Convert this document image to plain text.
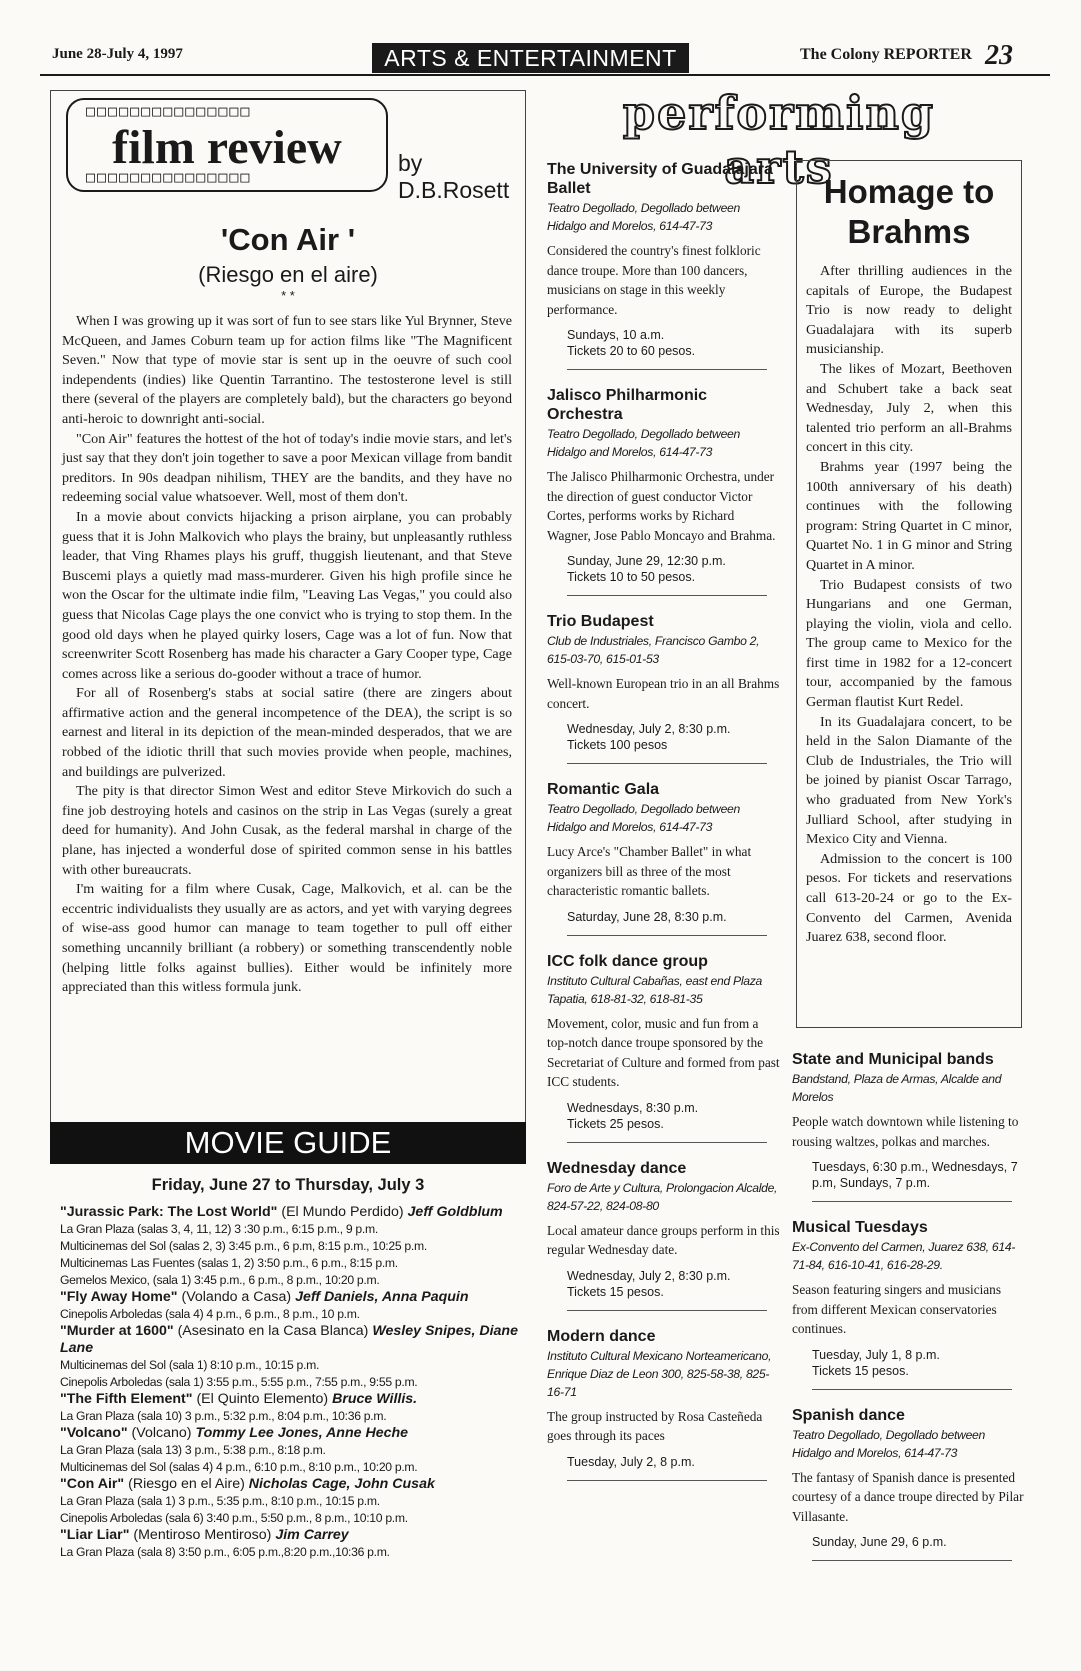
June 28-July 4, 1997	ARTS & ENTERTAINMENT	The Colony REPORTER 23
□□□□□□□□□□□□□□□
film review
□□□□□□□□□□□□□□□
by
D.B.Rosett
'Con Air '
(Riesgo en el aire)
* *

When I was growing up it was sort of fun to see stars like Yul Brynner, Steve McQueen, and James Coburn team up for action films like "The Magnificent Seven." Now that type of movie star is sent up in the oeuvre of such cool independents (indies) like Quentin Tarrantino. The testosterone level is still there (several of the players are completely bald), but the characters go beyond anti-heroic to downright anti-social.

"Con Air" features the hottest of the hot of today's indie movie stars, and let's just say that they don't join together to save a poor Mexican village from bandit preditors. In 90s deadpan nihilism, THEY are the bandits, and they have no redeeming social value whatsoever. Well, most of them don't.

In a movie about convicts hijacking a prison airplane, you can probably guess that it is John Malkovich who plays the brainy, but unpleasantly ruthless leader, that Ving Rhames plays his gruff, thuggish lieutenant, and that Steve Buscemi plays a quietly mad mass-murderer. Given his high profile since he won the Oscar for the ultimate indie film, "Leaving Las Vegas," you could also guess that Nicolas Cage plays the one convict who is trying to stop them. In the good old days when he played quirky losers, Cage was a lot of fun. Now that screenwriter Scott Rosenberg has made his character a Gary Cooper type, Cage comes across like a serious do-gooder without a trace of humor.

For all of Rosenberg's stabs at social satire (there are zingers about affirmative action and the general incompetence of the DEA), the script is so earnest and literal in its depiction of the mean-minded desperados, that we are robbed of the idiotic thrill that such movies provide when people, machines, and buildings are pulverized.

The pity is that director Simon West and editor Steve Mirkovich do such a fine job destroying hotels and casinos on the strip in Las Vegas (surely a great deed for humanity). And John Cusak, as the federal marshal in charge of the plane, has injected a wonderful dose of spirited common sense in his battles with other bureaucrats.

I'm waiting for a film where Cusak, Cage, Malkovich, et al. can be the eccentric individualists they usually are as actors, and yet with varying degrees of wise-ass good humor can manage to team together to pull off either something uncannily brilliant (a robbery) or something transcendently noble (helping little folks against bullies). Either would be infinitely more appreciated than this witless formula junk.

MOVIE GUIDE
Friday, June 27 to Thursday, July 3
"Jurassic Park: The Lost World" (El Mundo Perdido) Jeff Goldblum
La Gran Plaza (salas 3, 4, 11, 12) 3 :30 p.m., 6:15 p.m., 9 p.m.
Multicinemas del Sol (salas 2, 3) 3:45 p.m., 6 p.m, 8:15 p.m., 10:25 p.m.
Multicinemas Las Fuentes (salas 1, 2) 3:50 p.m., 6 p.m., 8:15 p.m.
Gemelos Mexico, (sala 1) 3:45 p.m., 6 p.m., 8 p.m., 10:20 p.m.
"Fly Away Home" (Volando a Casa) Jeff Daniels, Anna Paquin
Cinepolis Arboledas (sala 4) 4 p.m., 6 p.m., 8 p.m., 10 p.m.
"Murder at 1600" (Asesinato en la Casa Blanca) Wesley Snipes, Diane Lane
Multicinemas del Sol (sala 1) 8:10 p.m., 10:15 p.m.
Cinepolis Arboledas (sala 1) 3:55 p.m., 5:55 p.m., 7:55 p.m., 9:55 p.m.
"The Fifth Element" (El Quinto Elemento) Bruce Willis.
La Gran Plaza (sala 10) 3 p.m., 5:32 p.m., 8:04 p.m., 10:36 p.m.
"Volcano" (Volcano) Tommy Lee Jones, Anne Heche
La Gran Plaza (sala 13) 3 p.m., 5:38 p.m., 8:18 p.m.
Multicinemas del Sol (salas 4) 4 p.m., 6:10 p.m., 8:10 p.m., 10:20 p.m.
"Con Air" (Riesgo en el Aire) Nicholas Cage, John Cusak
La Gran Plaza (sala 1) 3 p.m., 5:35 p.m., 8:10 p.m., 10:15 p.m.
Cinepolis Arboledas (sala 6) 3:40 p.m., 5:50 p.m., 8 p.m., 10:10 p.m.
"Liar Liar" (Mentiroso Mentiroso) Jim Carrey
La Gran Plaza (sala 8) 3:50 p.m., 6:05 p.m.,8:20 p.m.,10:36 p.m.
performing arts
The University of Guadalajara Ballet
Teatro Degollado, Degollado between Hidalgo and Morelos, 614-47-73
Considered the country's finest folkloric dance troupe. More than 100 dancers, musicians on stage in this weekly performance.
Sundays, 10 a.m.
Tickets 20 to 60 pesos.
Jalisco Philharmonic Orchestra
Teatro Degollado, Degollado between Hidalgo and Morelos, 614-47-73
The Jalisco Philharmonic Orchestra, under the direction of guest conductor Victor Cortes, performs works by Richard Wagner, Jose Pablo Moncayo and Brahma.
Sunday, June 29, 12:30 p.m.
Tickets 10 to 50 pesos.
Trio Budapest
Club de Industriales, Francisco Gambo 2, 615-03-70, 615-01-53
Well-known European trio in an all Brahms concert.
Wednesday, July 2, 8:30 p.m.
Tickets 100 pesos
Romantic Gala
Teatro Degollado, Degollado between Hidalgo and Morelos, 614-47-73
Lucy Arce's "Chamber Ballet" in what organizers bill as three of the most characteristic romantic ballets.
Saturday, June 28, 8:30 p.m.
ICC folk dance group
Instituto Cultural Cabañas, east end Plaza Tapatia, 618-81-32, 618-81-35
Movement, color, music and fun from a top-notch dance troupe sponsored by the Secretariat of Culture and formed from past ICC students.
Wednesdays, 8:30 p.m.
Tickets 25 pesos.
Wednesday dance
Foro de Arte y Cultura, Prolongacion Alcalde, 824-57-22, 824-08-80
Local amateur dance groups perform in this regular Wednesday date.
Wednesday, July 2, 8:30 p.m.
Tickets 15 pesos.
Modern dance
Instituto Cultural Mexicano Norteamericano, Enrique Diaz de Leon 300, 825-58-38, 825-16-71
The group instructed by Rosa Casteñeda goes through its paces
Tuesday, July 2, 8 p.m.
State and Municipal bands
Bandstand, Plaza de Armas, Alcalde and Morelos
People watch downtown while listening to rousing waltzes, polkas and marches.
Tuesdays, 6:30 p.m., Wednesdays, 7 p.m, Sundays, 7 p.m.
Musical Tuesdays
Ex-Convento del Carmen, Juarez 638, 614-71-84, 616-10-41, 616-28-29.
Season featuring singers and musicians from different Mexican conservatories continues.
Tuesday, July 1, 8 p.m.
Tickets 15 pesos.
Spanish dance
Teatro Degollado, Degollado between Hidalgo and Morelos, 614-47-73
The fantasy of Spanish dance is presented courtesy of a dance troupe directed by Pilar Villasante.
Sunday, June 29, 6 p.m.
Homage to Brahms

After thrilling audiences in the capitals of Europe, the Budapest Trio is now ready to delight Guadalajara with its superb musicianship.

The likes of Mozart, Beethoven and Schubert take a back seat Wednesday, July 2, when this talented trio perform an all-Brahms concert in this city.

Brahms year (1997 being the 100th anniversary of his death) continues with the following program: String Quartet in C minor, Quartet No. 1 in G minor and String Quartet in A minor.

Trio Budapest consists of two Hungarians and one German, playing the violin, viola and cello. The group came to Mexico for the first time in 1982 for a 12-concert tour, accompanied by the famous German flautist Kurt Redel.

In its Guadalajara concert, to be held in the Salon Diamante of the Club de Industriales, the Trio will be joined by pianist Oscar Tarrago, who graduated from New York's Julliard School, after studying in Mexico City and Vienna.

Admission to the concert is 100 pesos. For tickets and reservations call 613-20-24 or go to the Ex-Convento del Carmen, Avenida Juarez 638, second floor.
